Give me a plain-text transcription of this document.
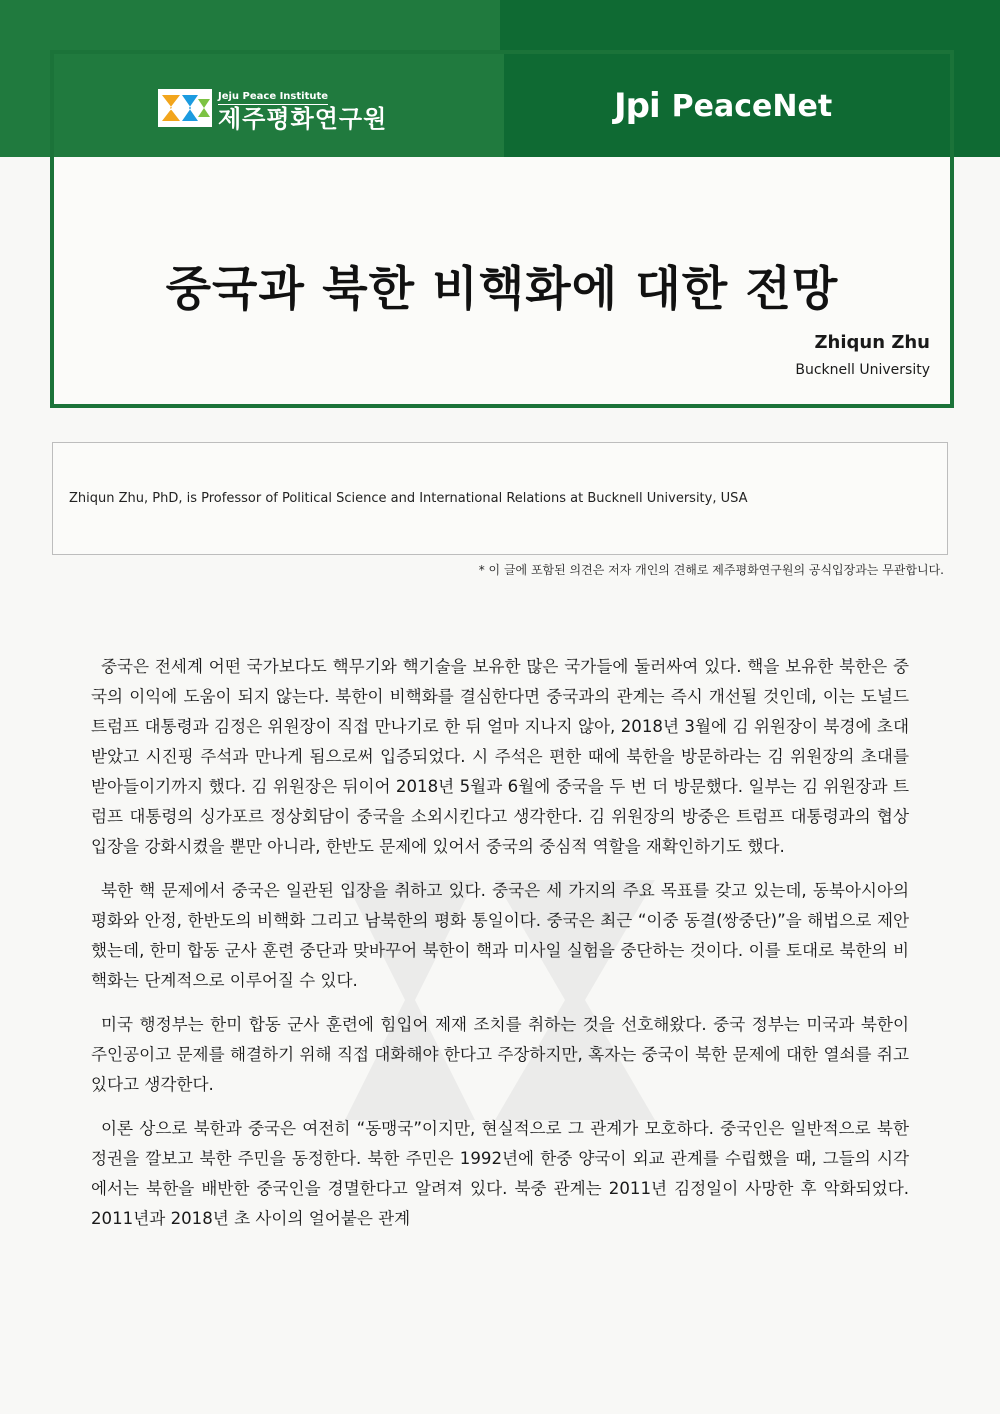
Jeju Peace Institute
제주평화연구원	Jpi PeaceNet
중국과 북한 비핵화에 대한 전망
Zhiqun Zhu
Bucknell University
Zhiqun Zhu, PhD, is Professor of Political Science and International Relations at Bucknell University, USA
* 이 글에 포함된 의견은 저자 개인의 견해로 제주평화연구원의 공식입장과는 무관합니다.

중국은 전세계 어떤 국가보다도 핵무기와 핵기술을 보유한 많은 국가들에 둘러싸여 있다. 핵을 보유한 북한은 중국의 이익에 도움이 되지 않는다. 북한이 비핵화를 결심한다면 중국과의 관계는 즉시 개선될 것인데, 이는 도널드 트럼프 대통령과 김정은 위원장이 직접 만나기로 한 뒤 얼마 지나지 않아, 2018년 3월에 김 위원장이 북경에 초대받았고 시진핑 주석과 만나게 됨으로써 입증되었다. 시 주석은 편한 때에 북한을 방문하라는 김 위원장의 초대를 받아들이기까지 했다. 김 위원장은 뒤이어 2018년 5월과 6월에 중국을 두 번 더 방문했다. 일부는 김 위원장과 트럼프 대통령의 싱가포르 정상회담이 중국을 소외시킨다고 생각한다. 김 위원장의 방중은 트럼프 대통령과의 협상 입장을 강화시켰을 뿐만 아니라, 한반도 문제에 있어서 중국의 중심적 역할을 재확인하기도 했다.

북한 핵 문제에서 중국은 일관된 입장을 취하고 있다. 중국은 세 가지의 주요 목표를 갖고 있는데, 동북아시아의 평화와 안정, 한반도의 비핵화 그리고 남북한의 평화 통일이다. 중국은 최근 “이중 동결(쌍중단)”을 해법으로 제안했는데, 한미 합동 군사 훈련 중단과 맞바꾸어 북한이 핵과 미사일 실험을 중단하는 것이다. 이를 토대로 북한의 비핵화는 단계적으로 이루어질 수 있다.

미국 행정부는 한미 합동 군사 훈련에 힘입어 제재 조치를 취하는 것을 선호해왔다. 중국 정부는 미국과 북한이 주인공이고 문제를 해결하기 위해 직접 대화해야 한다고 주장하지만, 혹자는 중국이 북한 문제에 대한 열쇠를 쥐고 있다고 생각한다.

이론 상으로 북한과 중국은 여전히 “동맹국”이지만, 현실적으로 그 관계가 모호하다. 중국인은 일반적으로 북한 정권을 깔보고 북한 주민을 동정한다. 북한 주민은 1992년에 한중 양국이 외교 관계를 수립했을 때, 그들의 시각에서는 북한을 배반한 중국인을 경멸한다고 알려져 있다. 북중 관계는 2011년 김정일이 사망한 후 악화되었다. 2011년과 2018년 초 사이의 얼어붙은 관계
